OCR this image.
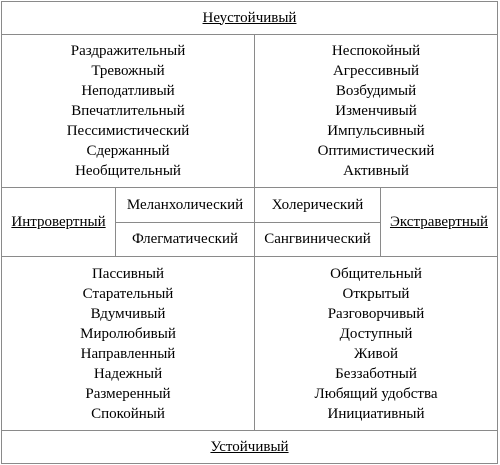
Неустойчивый
Раздражительный
Тревожный
Неподатливый
Впечатлительный
Пессимистический
Сдержанный
Необщительный
Неспокойный
Агрессивный
Возбудимый
Изменчивый
Импульсивный
Оптимистический
Активный
Интровертный
Меланхолический
Флегматический
Холерический
Сангвинический
Экстравертный
Пассивный
Старательный
Вдумчивый
Миролюбивый
Направленный
Надежный
Размеренный
Спокойный
Общительный
Открытый
Разговорчивый
Доступный
Живой
Беззаботный
Любящий удобства
Инициативный
Устойчивый
